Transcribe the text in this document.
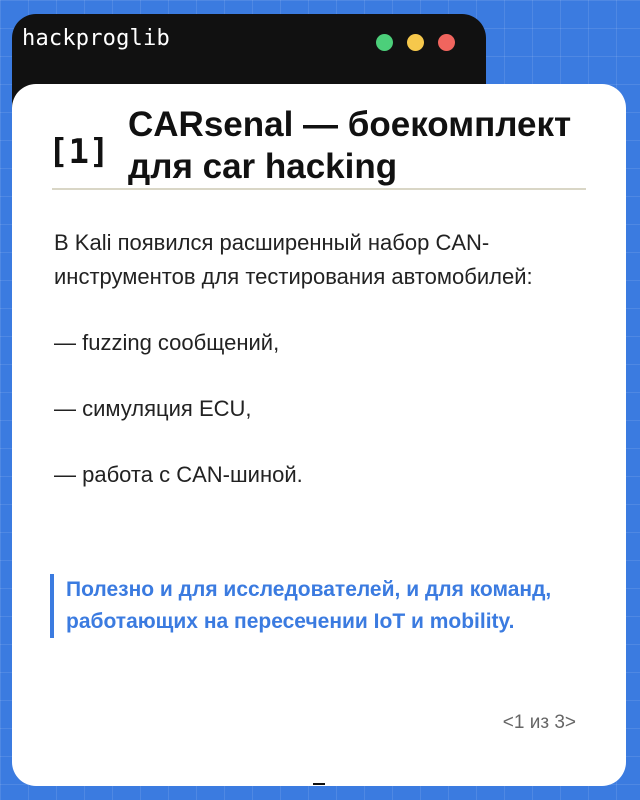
hackproglib
[1]
CARsenal — боекомплект для car hacking

В Kali появился расширенный набор CAN-инструментов для тестирования автомобилей:

— fuzzing сообщений,

— симуляция ECU,

— работа с CAN-шиной.

Полезно и для исследователей, и для команд, работающих на пересечении IoT и mobility.
<1 из 3>
